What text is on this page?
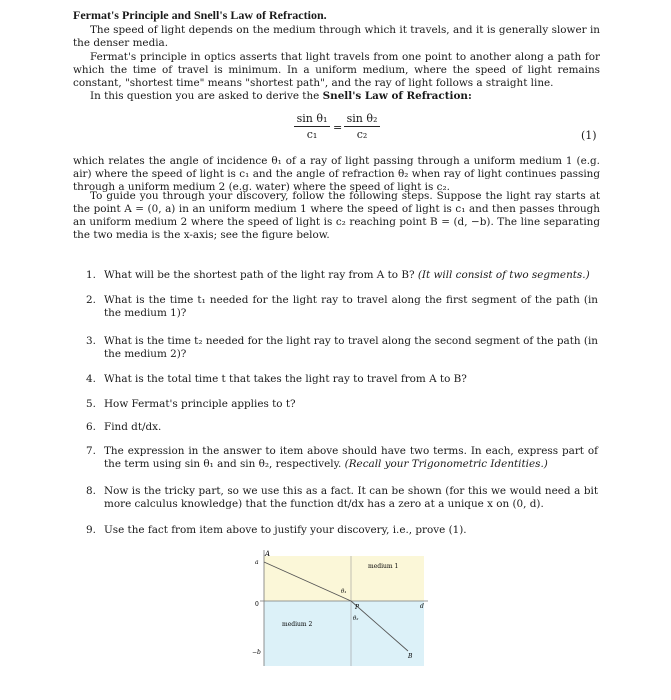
Fermat's Principle and Snell's Law of Refraction.
The speed of light depends on the medium through which it travels, and it is generally slower in the denser media.
Fermat's principle in optics asserts that light travels from one point to another along a path for which the time of travel is minimum. In a uniform medium, where the speed of light remains constant, "shortest time" means "shortest path", and the ray of light follows a straight line.
In this question you are asked to derive the Snell's Law of Refraction:
$\frac{\text{sin θ₁}}{\text{c₁}} = \frac{\text{sin θ₂}}{\text{c₂}}$	(1)
which relates the angle of incidence θ₁ of a ray of light passing through a uniform medium 1 (e.g. air) where the speed of light is c₁ and the angle of refraction θ₂ when ray of light continues passing through a uniform medium 2 (e.g. water) where the speed of light is c₂.
To guide you through your discovery, follow the following steps. Suppose the light ray starts at the point A = (0, a) in an uniform medium 1 where the speed of light is c₁ and then passes through an uniform medium 2 where the speed of light is c₂ reaching point B = (d, −b). The line separating the two media is the x-axis; see the figure below.
1. What will be the shortest path of the light ray from A to B? (It will consist of two segments.)
2. What is the time t₁ needed for the light ray to travel along the first segment of the path (in the medium 1)?
3. What is the time t₂ needed for the light ray to travel along the second segment of the path (in the medium 2)?
4. What is the total time t that takes the light ray to travel from A to B?
5. How Fermat's principle applies to t?
6. Find dt/dx.
7. The expression in the answer to item above should have two terms. In each, express part of the term using sin θ₁ and sin θ₂, respectively. (Recall your Trigonometric Identities.)
8. Now is the tricky part, so we use this as a fact. It can be shown (for this we would need a bit more calculus knowledge) that the function dt/dx has a zero at a unique x on (0, d).
9. Use the fact from item above to justify your discovery, i.e., prove (1).
A
a
0
−b
d
P
B
θ₁
θ₂
medium 1
medium 2
